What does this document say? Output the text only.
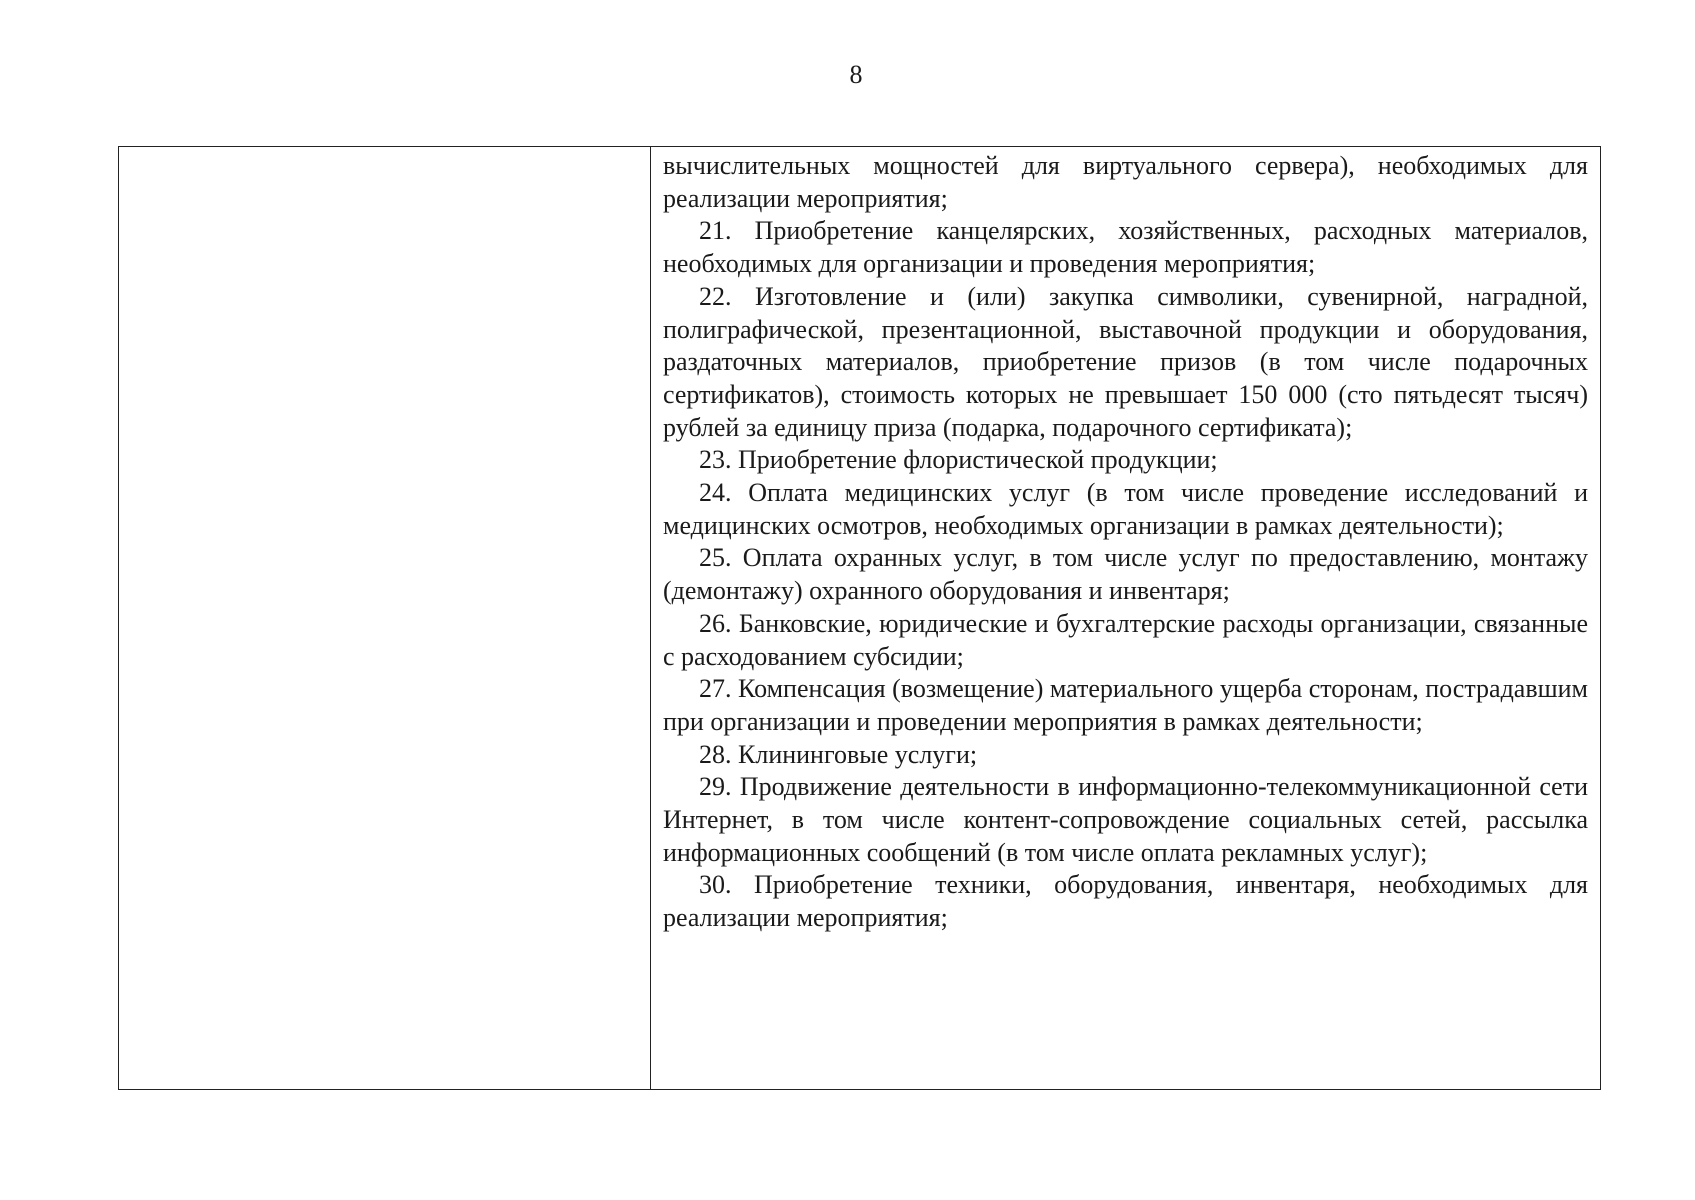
8

вычислительных мощностей для виртуального сервера), необходимых для реализации мероприятия;

21. Приобретение канцелярских, хозяйственных, расходных материалов, необходимых для организации и проведения мероприятия;

22. Изготовление и (или) закупка символики, сувенирной, наградной, полиграфической, презентационной, выставочной продукции и оборудования, раздаточных материалов, приобретение призов (в том числе подарочных сертификатов), стоимость которых не превышает 150 000 (сто пятьдесят тысяч) рублей за единицу приза (подарка, подарочного сертификата);

23. Приобретение флористической продукции;

24. Оплата медицинских услуг (в том числе проведение исследований и медицинских осмотров, необходимых организации в рамках деятельности);

25. Оплата охранных услуг, в том числе услуг по предоставлению, монтажу (демонтажу) охранного оборудования и инвентаря;

26. Банковские, юридические и бухгалтерские расходы организации, связанные с расходованием субсидии;

27. Компенсация (возмещение) материального ущерба сторонам, пострадавшим при организации и проведении мероприятия в рамках деятельности;

28. Клининговые услуги;

29. Продвижение деятельности в информационно-телекоммуникационной сети Интернет, в том числе контент-сопровождение социальных сетей, рассылка информационных сообщений (в том числе оплата рекламных услуг);

30. Приобретение техники, оборудования, инвентаря, необходимых для реализации мероприятия;
